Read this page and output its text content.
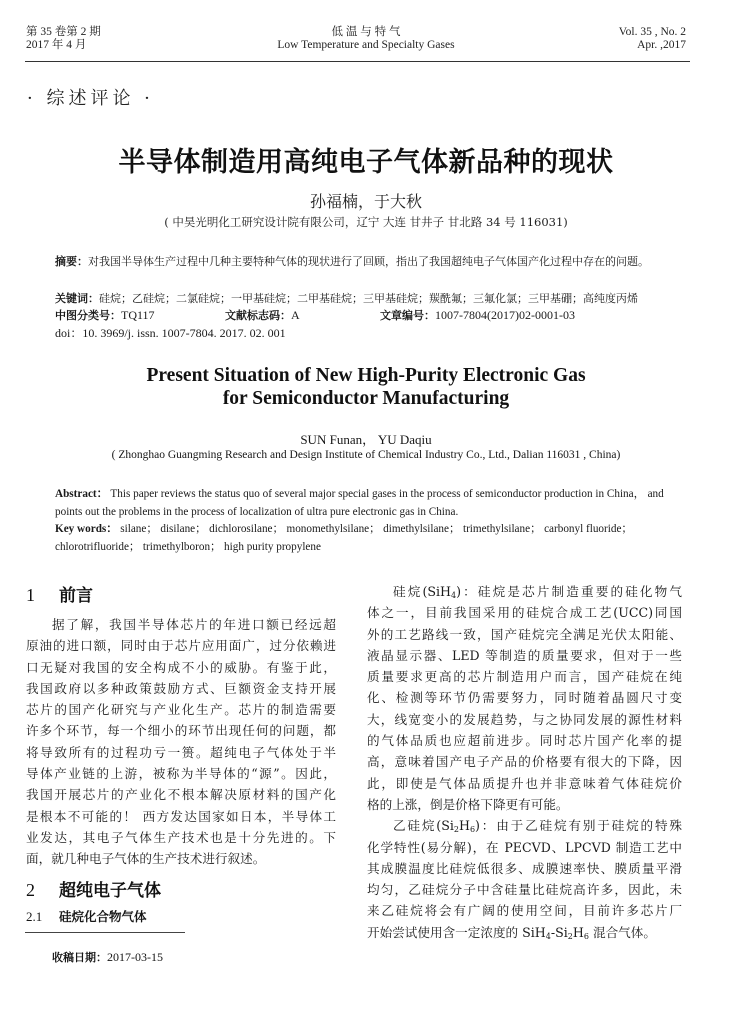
第 35 卷第 2 期
2017 年 4 月
低 温 与 特 气
Low Temperature and Specialty Gases
Vol. 35 , No. 2
Apr. ,2017
· 综述评论 ·
半导体制造用高纯电子气体新品种的现状
孙福楠，于大秋
( 中昊光明化工研究设计院有限公司，辽宁 大连 甘井子 甘北路 34 号 116031)
摘要：对我国半导体生产过程中几种主要特种气体的现状进行了回顾，指出了我国超纯电子气体国产化过程中存在的问题。
关键词：硅烷；乙硅烷；二氯硅烷；一甲基硅烷；二甲基硅烷；三甲基硅烷；羰酰氟；三氟化氯；三甲基硼；高纯度丙烯
中图分类号：TQ117	文献标志码：A	文章编号：1007-7804(2017)02-0001-03
doi：10. 3969/j. issn. 1007-7804. 2017. 02. 001
Present Situation of New High-Purity Electronic Gas
for Semiconductor Manufacturing
SUN Funan， YU Daqiu
( Zhonghao Guangming Research and Design Institute of Chemical Industry Co., Ltd., Dalian 116031 , China)
Abstract： This paper reviews the status quo of several major special gases in the process of semiconductor production in China， and points out the problems in the process of localization of ultra pure electronic gas in China.
Key words： silane； disilane； dichlorosilane； monomethylsilane； dimethylsilane； trimethylsilane； carbonyl fluoride； chlorotrifluoride； trimethylboron； high purity propylene
1 前言
据了解，我国半导体芯片的年进口额已经远超
原油的进口额，同时由于芯片应用面广，过分依赖进
口无疑对我国的安全构成不小的威胁。有鉴于此，
我国政府以多种政策鼓励方式、巨额资金支持开展
芯片的国产化研究与产业化生产。芯片的制造需要
许多个环节，每一个细小的环节出现任何的问题，都
将导致所有的过程功亏一篑。超纯电子气体处于半
导体产业链的上游，被称为半导体的“源”。因此，
我国开展芯片的产业化不根本解决原材料的国产化
是根本不可能的！ 西方发达国家如日本，半导体工
业发达，其电子气体生产技术也是十分先进的。下
面，就几种电子气体的生产技术进行叙述。
2 超纯电子气体
2.1 硅烷化合物气体
硅烷(SiH$_4$)：硅烷是芯片制造重要的硅化物气
体之一，目前我国采用的硅烷合成工艺(UCC)同国
外的工艺路线一致，国产硅烷完全满足光伏太阳能、
液晶显示器、LED 等制造的质量要求，但对于一些
质量要求更高的芯片制造用户而言，国产硅烷在纯
化、检测等环节仍需要努力，同时随着晶圆尺寸变
大，线宽变小的发展趋势，与之协同发展的源性材料
的气体品质也应超前进步。同时芯片国产化率的提
高，意味着国产电子产品的价格要有很大的下降，因
此，即使是气体品质提升也并非意味着气体硅烷价
格的上涨，倒是价格下降更有可能。
乙硅烷$(Si_2H_6)$：由于乙硅烷有别于硅烷的特殊
化学特性(易分解)，在 PECVD、LPCVD 制造工艺中
其成膜温度比硅烷低很多、成膜速率快、膜质量平滑
均匀，乙硅烷分子中含硅量比硅烷高许多，因此，未
来乙硅烷将会有广阔的使用空间，目前许多芯片厂
开始尝试使用含一定浓度的 $SiH_4-Si_2H_6$ 混合气体。
收稿日期：2017-03-15
